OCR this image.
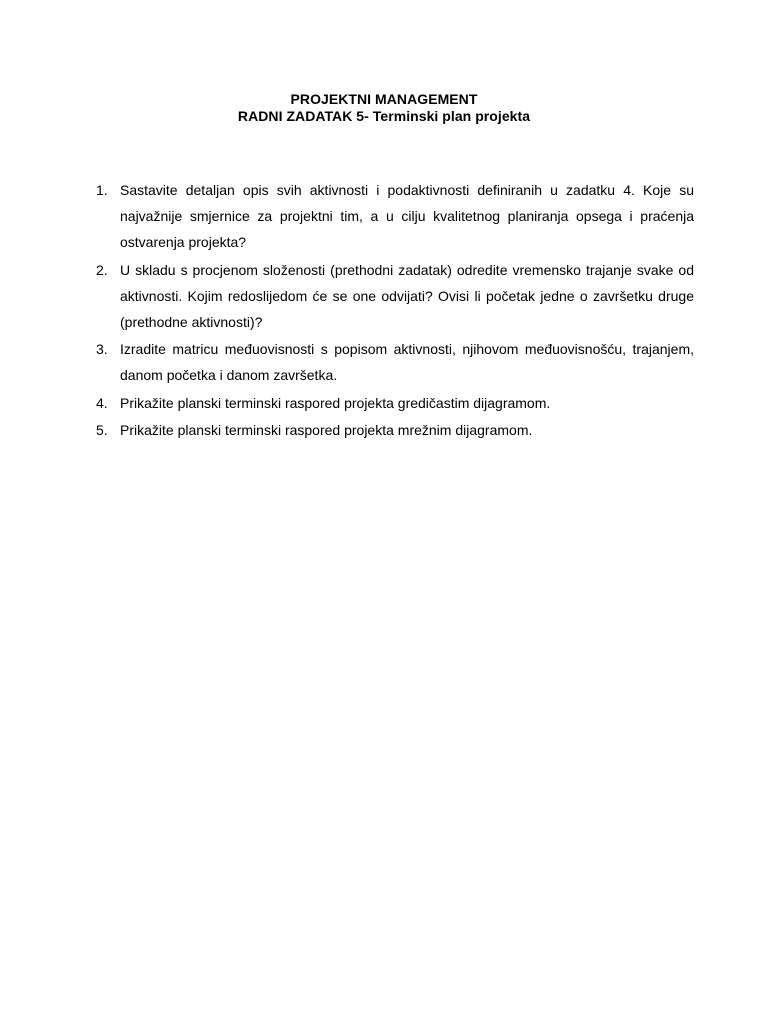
PROJEKTNI MANAGEMENT
RADNI ZADATAK 5- Terminski plan projekta
1. Sastavite detaljan opis svih aktivnosti i podaktivnosti definiranih u zadatku 4. Koje su najvažnije smjernice za projektni tim, a u cilju kvalitetnog planiranja opsega i praćenja ostvarenja projekta?
2. U skladu s procjenom složenosti (prethodni zadatak) odredite vremensko trajanje svake od aktivnosti. Kojim redoslijedom će se one odvijati? Ovisi li početak jedne o završetku druge (prethodne aktivnosti)?
3. Izradite matricu međuovisnosti s popisom aktivnosti, njihovom međuovisnošću, trajanjem, danom početka i danom završetka.
4. Prikažite planski terminski raspored projekta gredičastim dijagramom.
5. Prikažite planski terminski raspored projekta mrežnim dijagramom.
